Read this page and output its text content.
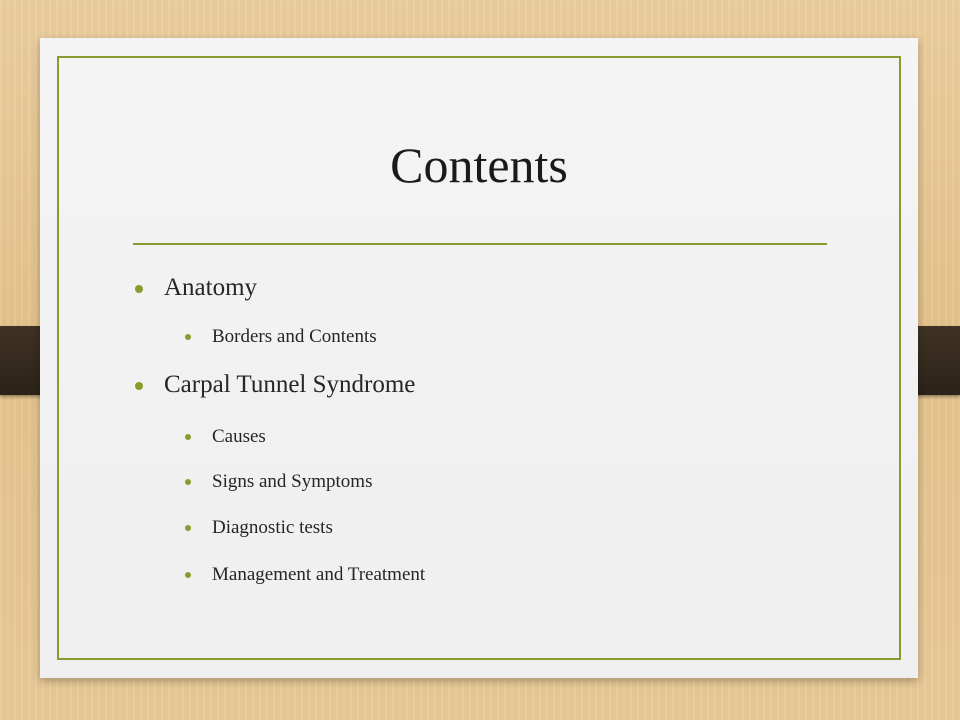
Contents
Anatomy
Borders and Contents
Carpal Tunnel Syndrome
Causes
Signs and Symptoms
Diagnostic tests
Management and Treatment
